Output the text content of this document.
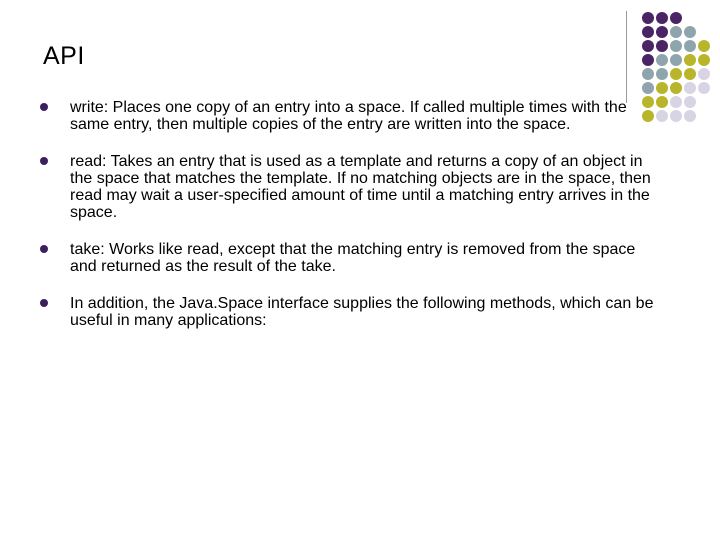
API
write: Places one copy of an entry into a space. If called multiple times with the same entry, then multiple copies of the entry are written into the space.
read: Takes an entry that is used as a template and returns a copy of an object in the space that matches the template. If no matching objects are in the space, then read may wait a user-specified amount of time until a matching entry arrives in the space.
take: Works like read, except that the matching entry is removed from the space and returned as the result of the take.
In addition, the Java.Space interface supplies the following methods, which can be useful in many applications:
